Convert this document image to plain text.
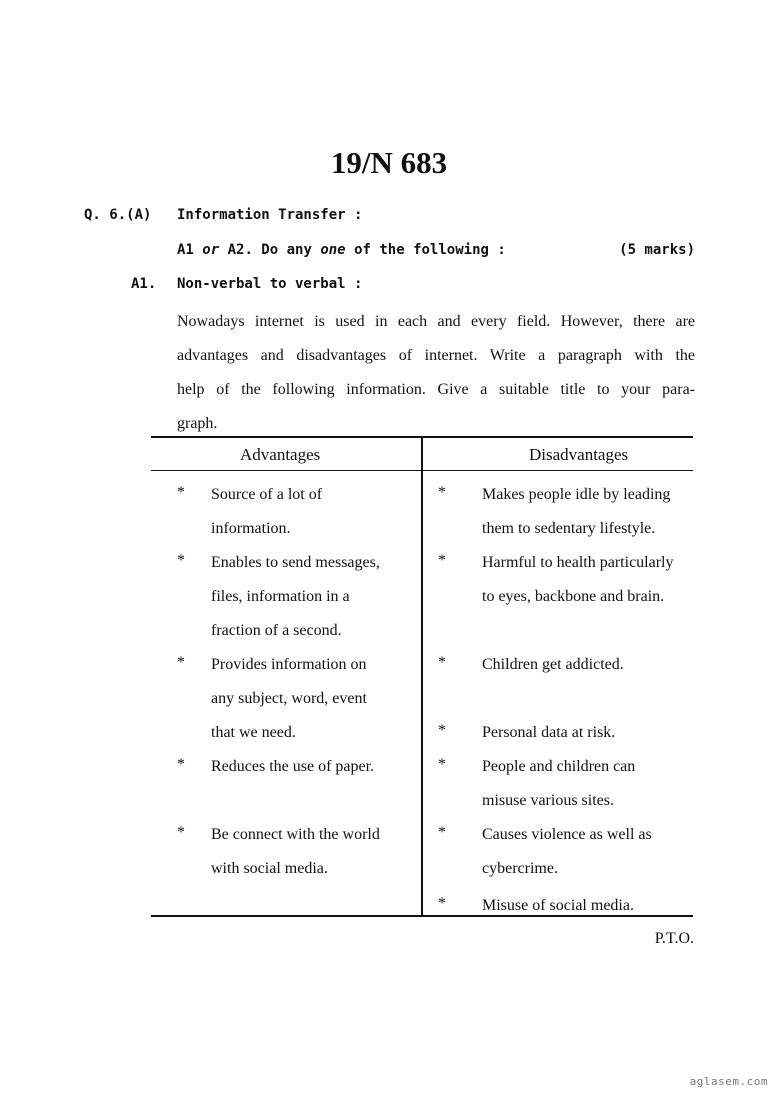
19/N 683
Q. 6.(A) Information Transfer :
A1 or A2. Do any one of the following :	(5 marks)
A1. Non-verbal to verbal :
Nowadays internet is used in each and every field. However, there are
advantages and disadvantages of internet. Write a paragraph with the
help of the following information. Give a suitable title to your para-
graph.
Advantages	Disadvantages
* Source of a lot of
information.
* Enables to send messages,
files, information in a
fraction of a second.
* Provides information on
any subject, word, event
that we need.
* Reduces the use of paper.
* Be connect with the world
with social media.
* Makes people idle by leading
them to sedentary lifestyle.
* Harmful to health particularly
to eyes, backbone and brain.
* Children get addicted.
* Personal data at risk.
* People and children can
misuse various sites.
* Causes violence as well as
cybercrime.
* Misuse of social media.
P.T.O.
aglasem.com
